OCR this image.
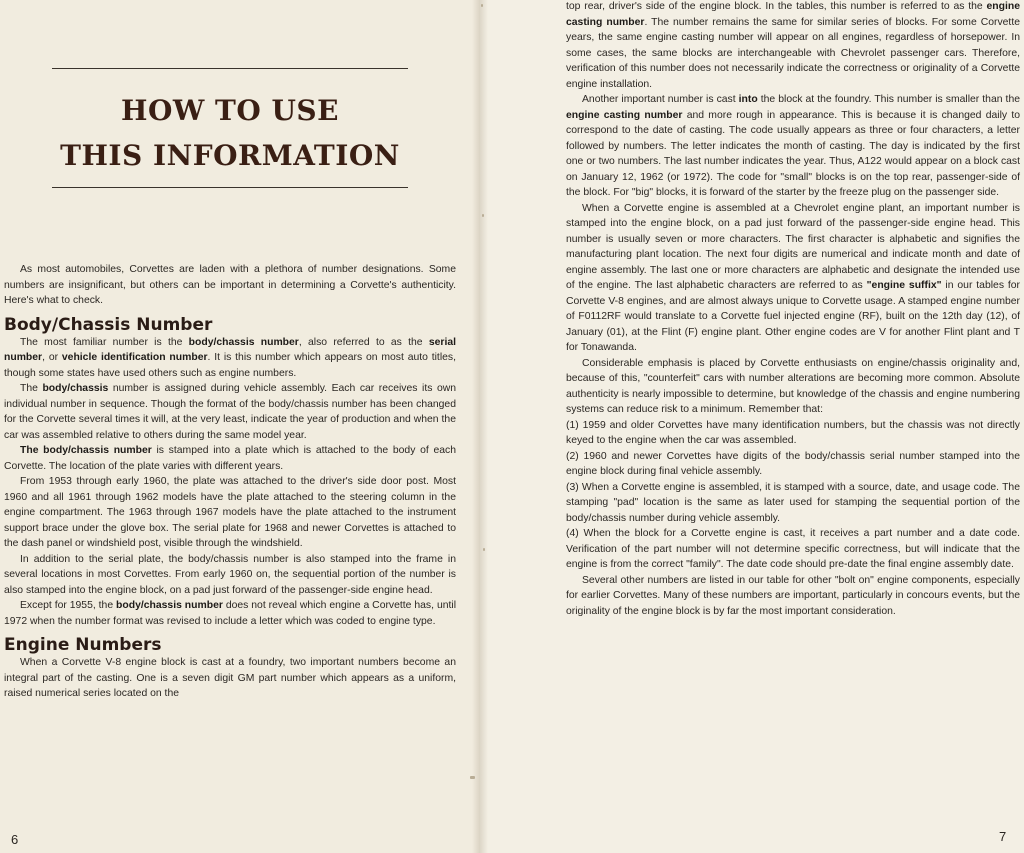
HOW TO USE
THIS INFORMATION

As most automobiles, Corvettes are laden with a plethora of number designations. Some numbers are insignificant, but others can be important in determining a Corvette's authenticity. Here's what to check.

Body/Chassis Number

The most familiar number is the body/chassis number, also referred to as the serial number, or vehicle identification number. It is this number which appears on most auto titles, though some states have used others such as engine numbers.

The body/chassis number is assigned during vehicle assembly. Each car receives its own individual number in sequence. Though the format of the body/chassis number has been changed for the Corvette several times it will, at the very least, indicate the year of production and when the car was assembled relative to others during the same model year.

The body/chassis number is stamped into a plate which is attached to the body of each Corvette. The location of the plate varies with different years.

From 1953 through early 1960, the plate was attached to the driver's side door post. Most 1960 and all 1961 through 1962 models have the plate attached to the steering column in the engine compartment. The 1963 through 1967 models have the plate attached to the instrument support brace under the glove box. The serial plate for 1968 and newer Corvettes is attached to the dash panel or windshield post, visible through the windshield.

In addition to the serial plate, the body/chassis number is also stamped into the frame in several locations in most Corvettes. From early 1960 on, the sequential portion of the number is also stamped into the engine block, on a pad just forward of the passenger-side engine head.

Except for 1955, the body/chassis number does not reveal which engine a Corvette has, until 1972 when the number format was revised to include a letter which was coded to engine type.

Engine Numbers

When a Corvette V-8 engine block is cast at a foundry, two important numbers become an integral part of the casting. One is a seven digit GM part number which appears as a uniform, raised numerical series located on the

6

top rear, driver's side of the engine block. In the tables, this number is referred to as the engine casting number. The number remains the same for similar series of blocks. For some Corvette years, the same engine casting number will appear on all engines, regardless of horsepower. In some cases, the same blocks are interchangeable with Chevrolet passenger cars. Therefore, verification of this number does not necessarily indicate the correctness or originality of a Corvette engine installation.

Another important number is cast into the block at the foundry. This number is smaller than the engine casting number and more rough in appearance. This is because it is changed daily to correspond to the date of casting. The code usually appears as three or four characters, a letter followed by numbers. The letter indicates the month of casting. The day is indicated by the first one or two numbers. The last number indicates the year. Thus, A122 would appear on a block cast on January 12, 1962 (or 1972). The code for "small" blocks is on the top rear, passenger-side of the block. For "big" blocks, it is forward of the starter by the freeze plug on the passenger side.

When a Corvette engine is assembled at a Chevrolet engine plant, an important number is stamped into the engine block, on a pad just forward of the passenger-side engine head. This number is usually seven or more characters. The first character is alphabetic and signifies the manufacturing plant location. The next four digits are numerical and indicate month and date of engine assembly. The last one or more characters are alphabetic and designate the intended use of the engine. The last alphabetic characters are referred to as "engine suffix" in our tables for Corvette V-8 engines, and are almost always unique to Corvette usage. A stamped engine number of F0112RF would translate to a Corvette fuel injected engine (RF), built on the 12th day (12), of January (01), at the Flint (F) engine plant. Other engine codes are V for another Flint plant and T for Tonawanda.

Considerable emphasis is placed by Corvette enthusiasts on engine/chassis originality and, because of this, "counterfeit" cars with number alterations are becoming more common. Absolute authenticity is nearly impossible to determine, but knowledge of the chassis and engine numbering systems can reduce risk to a minimum. Remember that:

(1) 1959 and older Corvettes have many identification numbers, but the chassis was not directly keyed to the engine when the car was assembled.

(2) 1960 and newer Corvettes have digits of the body/chassis serial number stamped into the engine block during final vehicle assembly.

(3) When a Corvette engine is assembled, it is stamped with a source, date, and usage code. The stamping "pad" location is the same as later used for stamping the sequential portion of the body/chassis number during vehicle assembly.

(4) When the block for a Corvette engine is cast, it receives a part number and a date code. Verification of the part number will not determine specific correctness, but will indicate that the engine is from the correct "family". The date code should pre-date the final engine assembly date.

Several other numbers are listed in our table for other "bolt on" engine components, especially for earlier Corvettes. Many of these numbers are important, particularly in concours events, but the originality of the engine block is by far the most important consideration.

7
